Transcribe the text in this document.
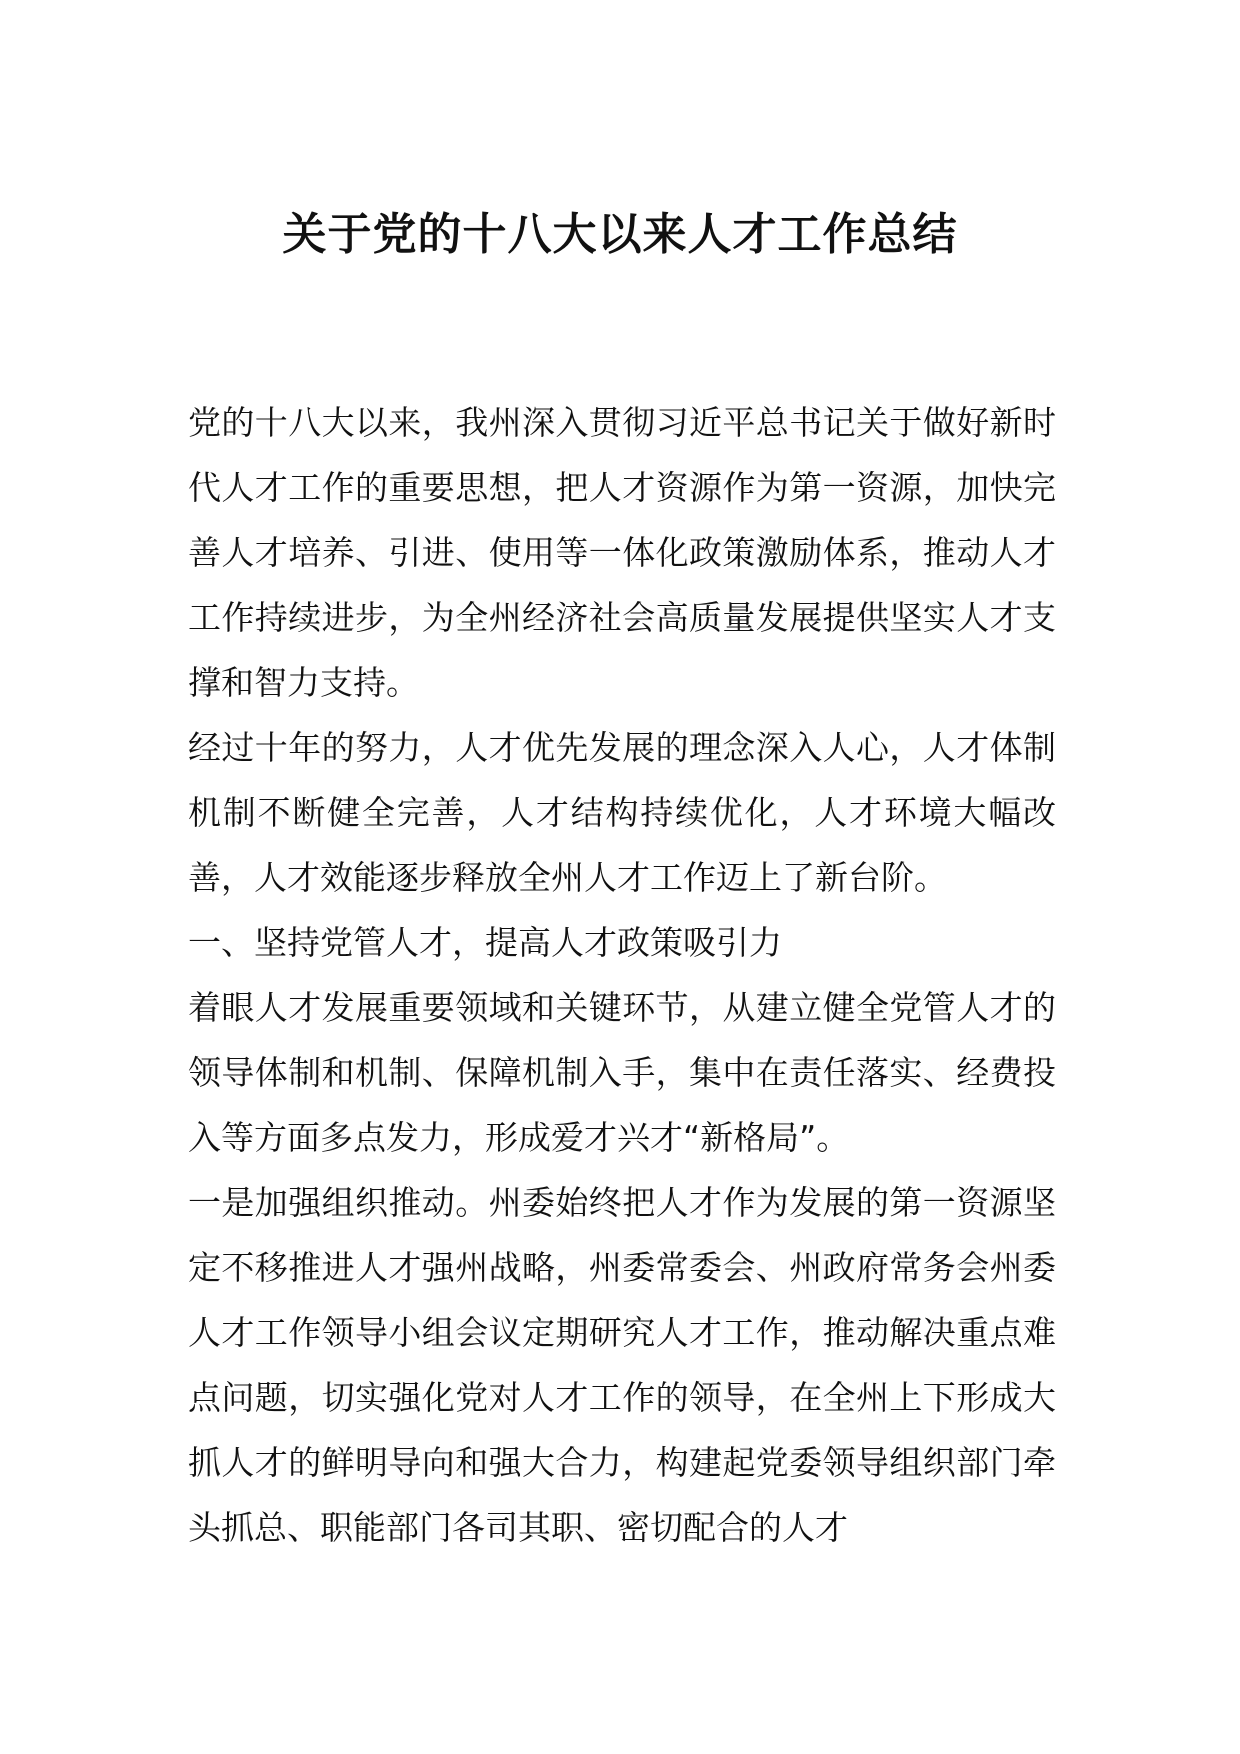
关于党的十八大以来人才工作总结

党的十八大以来，我州深入贯彻习近平总书记关于做好新时代人才工作的重要思想，把人才资源作为第一资源，加快完善人才培养、引进、使用等一体化政策激励体系，推动人才工作持续进步，为全州经济社会高质量发展提供坚实人才支撑和智力支持。

经过十年的努力，人才优先发展的理念深入人心，人才体制机制不断健全完善，人才结构持续优化，人才环境大幅改善，人才效能逐步释放全州人才工作迈上了新台阶。

一、坚持党管人才，提高人才政策吸引力

着眼人才发展重要领域和关键环节，从建立健全党管人才的领导体制和机制、保障机制入手，集中在责任落实、经费投入等方面多点发力，形成爱才兴才“新格局”。

一是加强组织推动。州委始终把人才作为发展的第一资源坚定不移推进人才强州战略，州委常委会、州政府常务会州委人才工作领导小组会议定期研究人才工作，推动解决重点难点问题，切实强化党对人才工作的领导，在全州上下形成大抓人才的鲜明导向和强大合力，构建起党委领导组织部门牵头抓总、职能部门各司其职、密切配合的人才
